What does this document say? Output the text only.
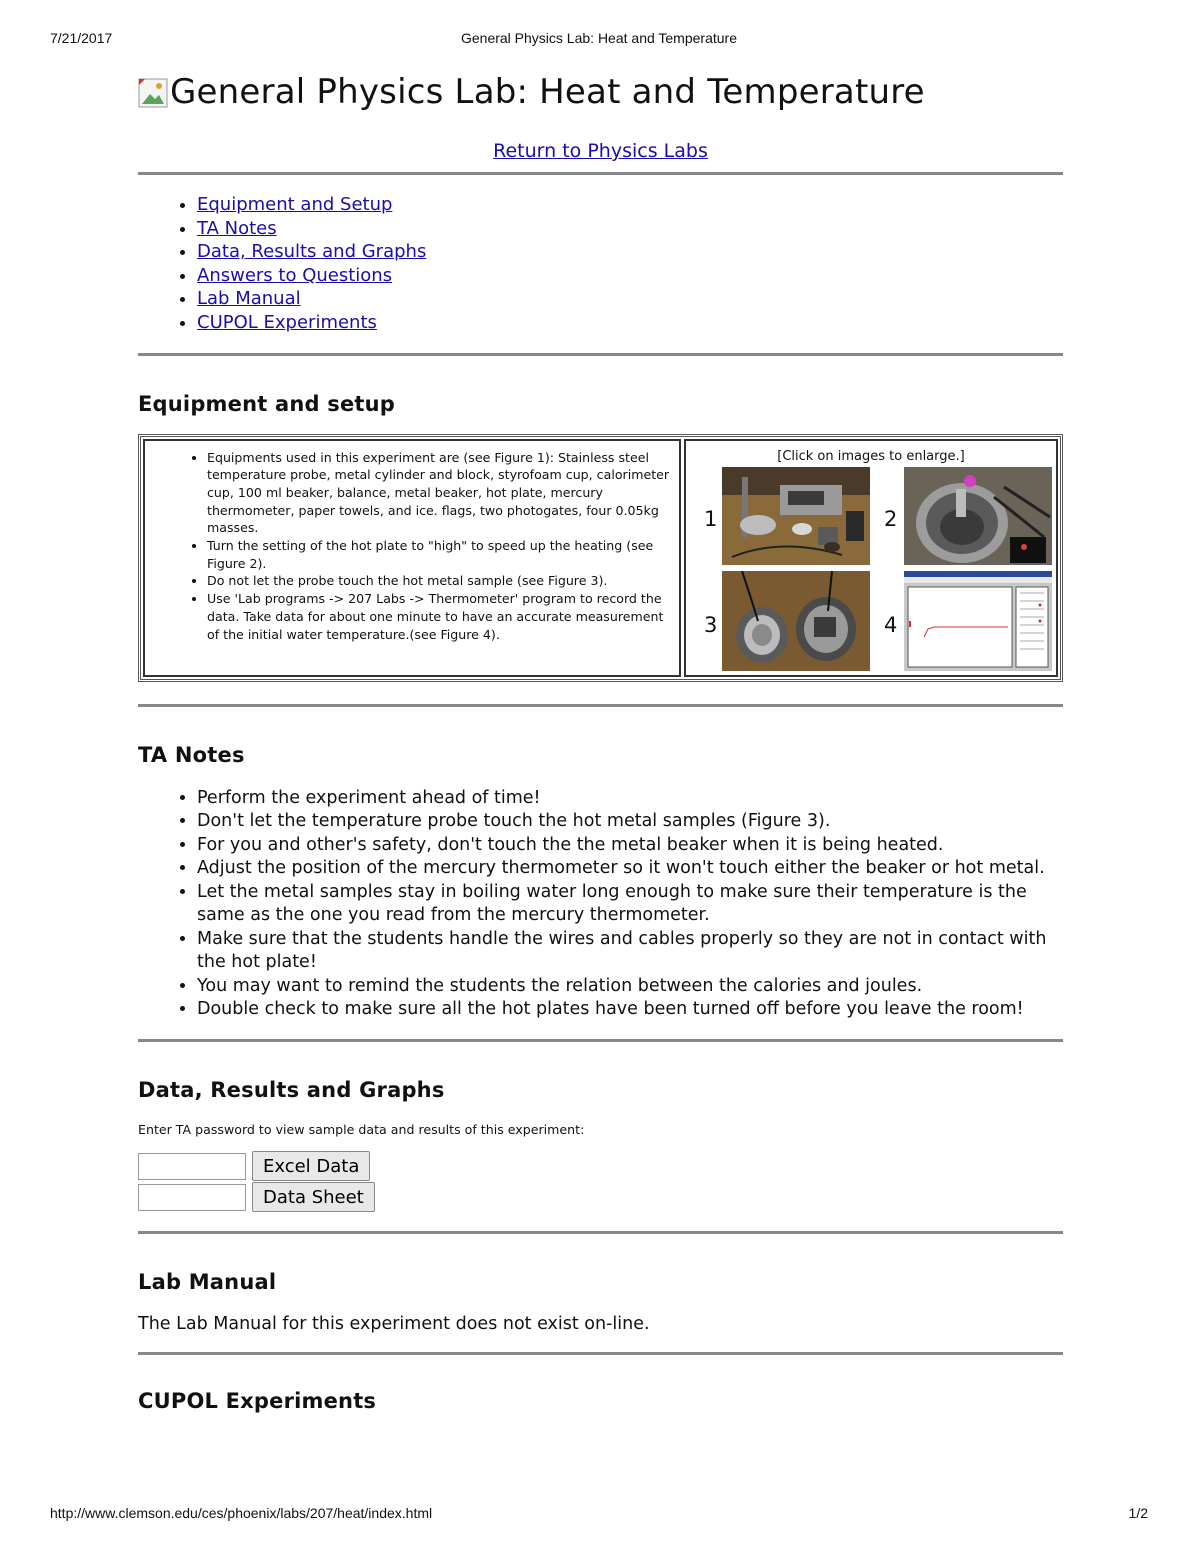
7/21/2017	General Physics Lab: Heat and Temperature
General Physics Lab: Heat and Temperature
Return to Physics Labs
• Equipment and Setup
• TA Notes
• Data, Results and Graphs
• Answers to Questions
• Lab Manual
• CUPOL Experiments
Equipment and setup
• Equipments used in this experiment are (see Figure 1): Stainless steel temperature probe, metal cylinder and block, styrofoam cup, calorimeter cup, 100 ml beaker, balance, metal beaker, hot plate, mercury thermometer, paper towels, and ice. flags, two photogates, four 0.05kg masses.
• Turn the setting of the hot plate to "high" to speed up the heating (see Figure 2).
• Do not let the probe touch the hot metal sample (see Figure 3).
• Use 'Lab programs -> 207 Labs -> Thermometer' program to record the data. Take data for about one minute to have an accurate measurement of the initial water temperature.(see Figure 4).
[Click on images to enlarge.]
1	2
3	4
TA Notes
• Perform the experiment ahead of time!
• Don't let the temperature probe touch the hot metal samples (Figure 3).
• For you and other's safety, don't touch the the metal beaker when it is being heated.
• Adjust the position of the mercury thermometer so it won't touch either the beaker or hot metal.
• Let the metal samples stay in boiling water long enough to make sure their temperature is the same as the one you read from the mercury thermometer.
• Make sure that the students handle the wires and cables properly so they are not in contact with the hot plate!
• You may want to remind the students the relation between the calories and joules.
• Double check to make sure all the hot plates have been turned off before you leave the room!
Data, Results and Graphs

Enter TA password to view sample data and results of this experiment:

Excel Data
Data Sheet
Lab Manual

The Lab Manual for this experiment does not exist on-line.

CUPOL Experiments
http://www.clemson.edu/ces/phoenix/labs/207/heat/index.html	1/2
